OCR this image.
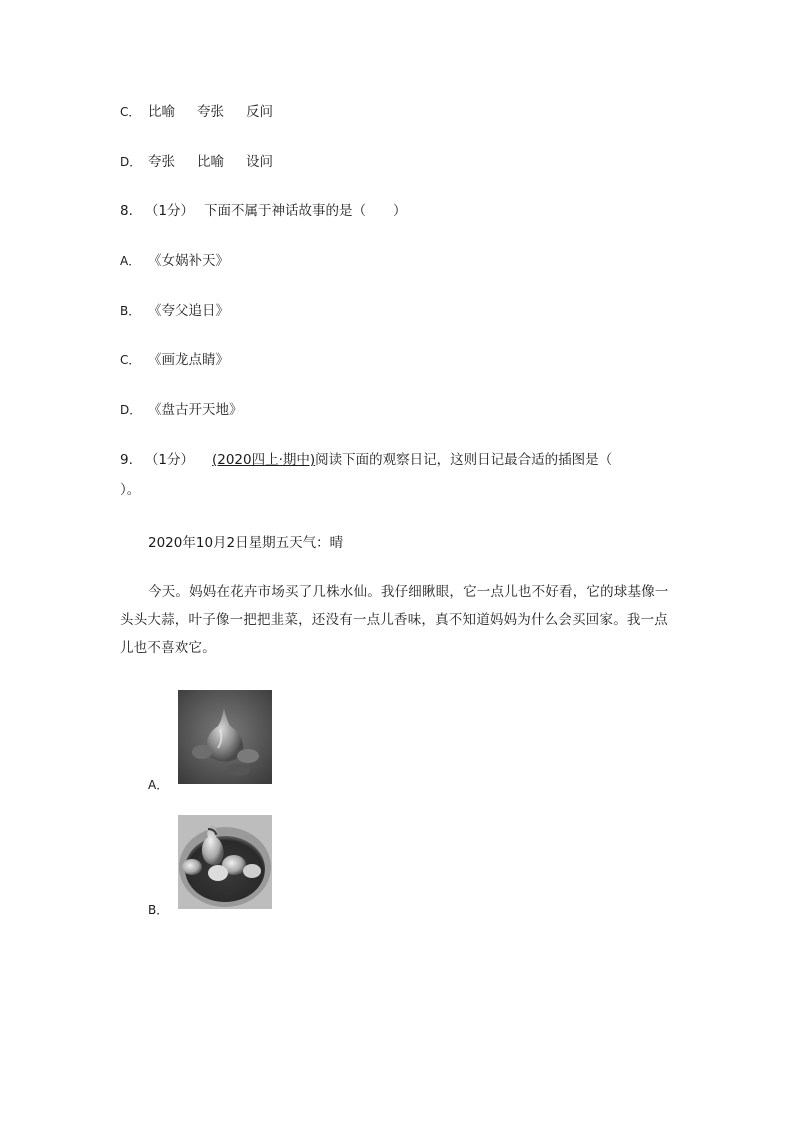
C． 比喻 夸张 反问
D． 夸张 比喻 设问
8. （1分） 下面不属于神话故事的是（　　）
A． 《女娲补天》
B． 《夸父追日》
C． 《画龙点睛》
D． 《盘古开天地》
9. （1分） (2020四上·期中)阅读下面的观察日记，这则日记最合适的插图是（
）。
2020年10月2日星期五天气：晴
今天。妈妈在花卉市场买了几株水仙。我仔细瞅眼，它一点儿也不好看，它的球基像一头头大蒜，叶子像一把把韭菜，还没有一点儿香味，真不知道妈妈为什么会买回家。我一点儿也不喜欢它。
A．
B．
